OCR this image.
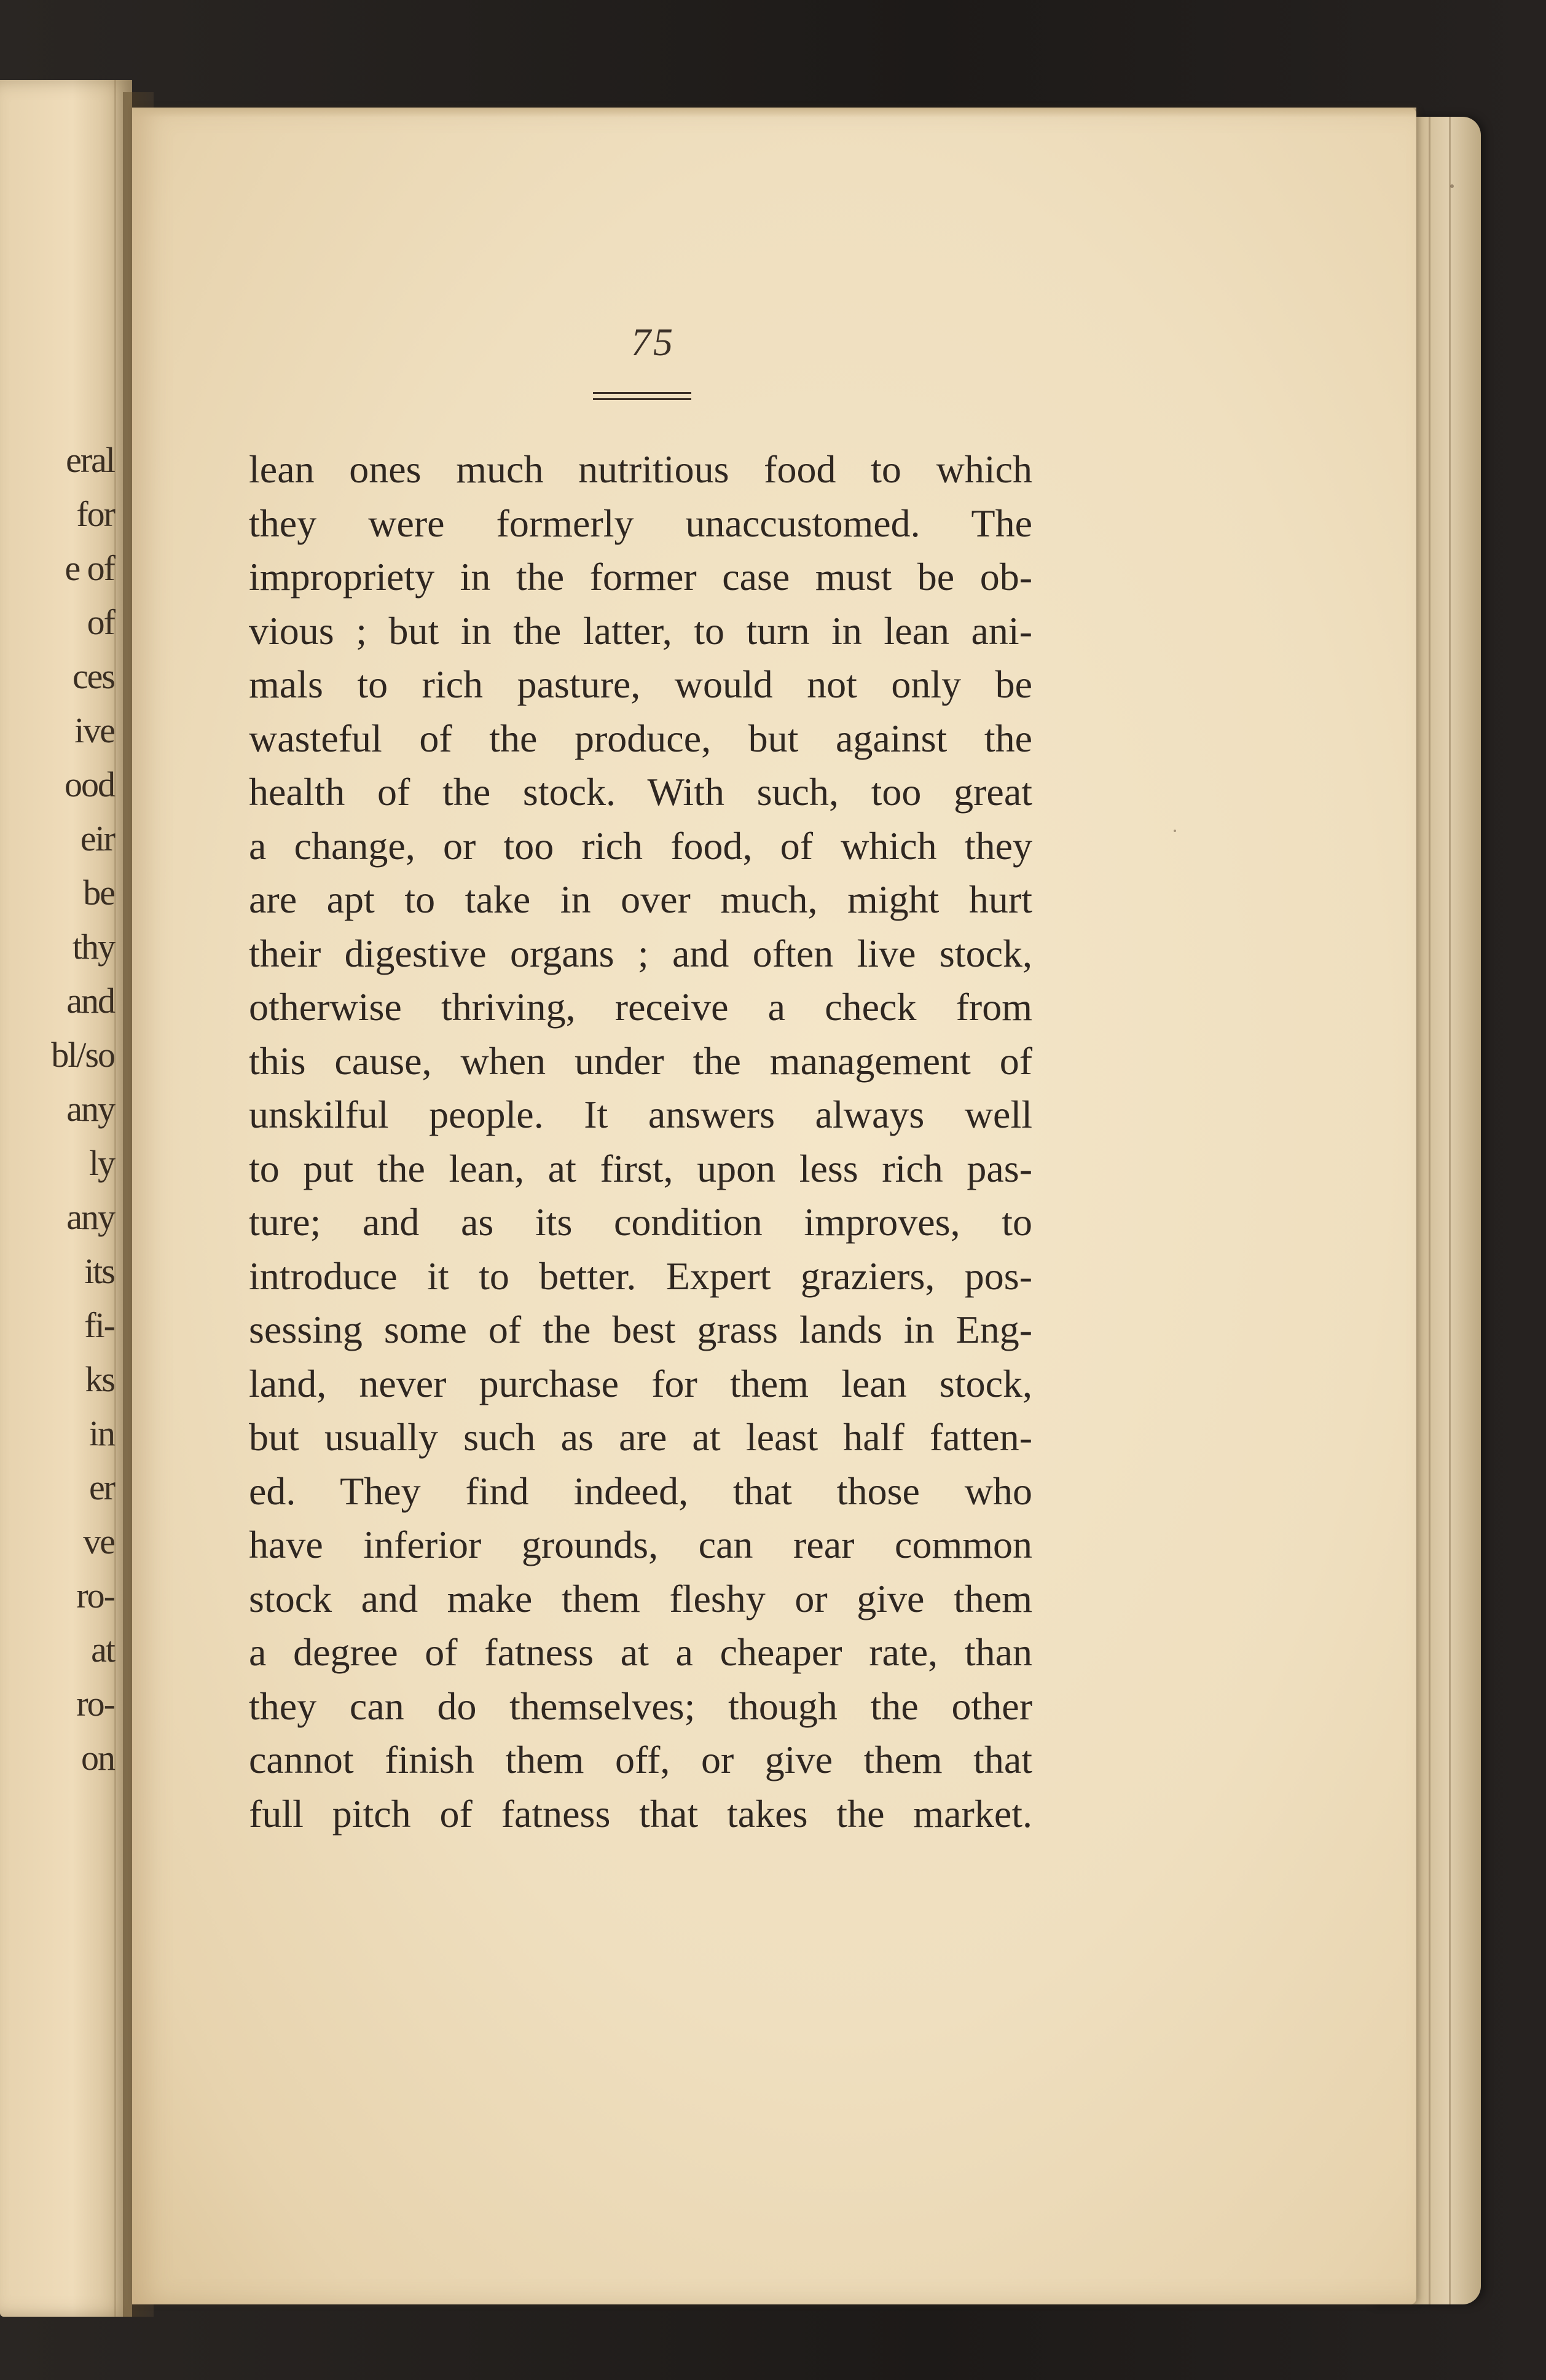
eral
for
e of
of
ces
ive
ood
eir
be
thy
and
bl/so
any
ly
any
its
fi-
ks
in
er
ve
ro-
at
ro-
on
75
lean ones much nutritious food to which
they were formerly unaccustomed. The
impropriety in the former case must be ob-
vious ; but in the latter, to turn in lean ani-
mals to rich pasture, would not only be
wasteful of the produce, but against the
health of the stock. With such, too great
a change, or too rich food, of which they
are apt to take in over much, might hurt
their digestive organs ; and often live stock,
otherwise thriving, receive a check from
this cause, when under the management of
unskilful people. It answers always well
to put the lean, at first, upon less rich pas-
ture; and as its condition improves, to
introduce it to better. Expert graziers, pos-
sessing some of the best grass lands in Eng-
land, never purchase for them lean stock,
but usually such as are at least half fatten-
ed. They find indeed, that those who
have inferior grounds, can rear common
stock and make them fleshy or give them
a degree of fatness at a cheaper rate, than
they can do themselves; though the other
cannot finish them off, or give them that
full pitch of fatness that takes the market.
